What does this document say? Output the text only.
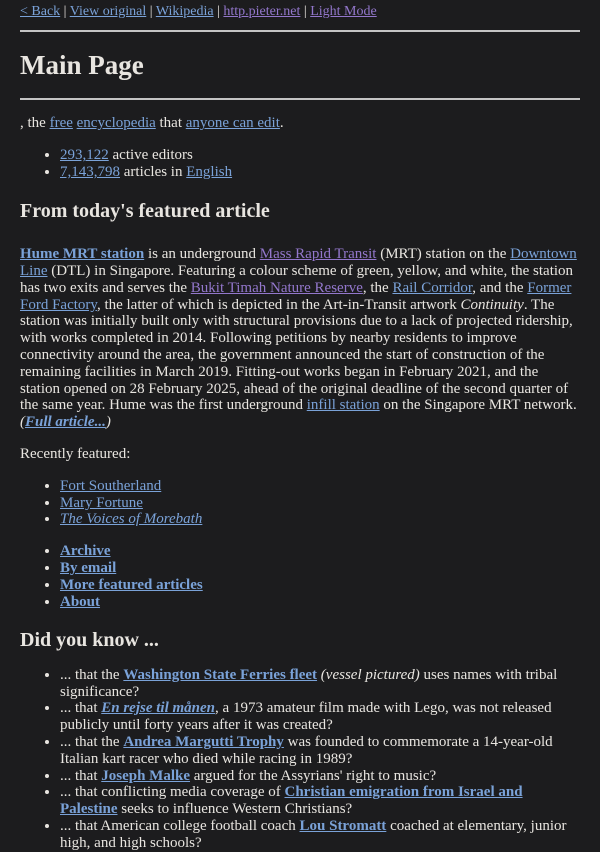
< Back | View original | Wikipedia | http.pieter.net | Light Mode
Main Page

, the free encyclopedia that anyone can edit.

• 293,122 active editors
• 7,143,798 articles in English
From today's featured article

Hume MRT station is an underground Mass Rapid Transit (MRT) station on the Downtown Line (DTL) in Singapore. Featuring a colour scheme of green, yellow, and white, the station has two exits and serves the Bukit Timah Nature Reserve, the Rail Corridor, and the Former Ford Factory, the latter of which is depicted in the Art-in-Transit artwork Continuity. The station was initially built only with structural provisions due to a lack of projected ridership, with works completed in 2014. Following petitions by nearby residents to improve connectivity around the area, the government announced the start of construction of the remaining facilities in March 2019. Fitting-out works began in February 2021, and the station opened on 28 February 2025, ahead of the original deadline of the second quarter of the same year. Hume was the first underground infill station on the Singapore MRT network. (Full article...)

Recently featured:

• Fort Southerland
• Mary Fortune
• The Voices of Morebath
• Archive
• By email
• More featured articles
• About
Did you know ...
• ... that the Washington State Ferries fleet (vessel pictured) uses names with tribal significance?
• ... that En rejse til månen, a 1973 amateur film made with Lego, was not released publicly until forty years after it was created?
• ... that the Andrea Margutti Trophy was founded to commemorate a 14-year-old Italian kart racer who died while racing in 1989?
• ... that Joseph Malke argued for the Assyrians' right to music?
• ... that conflicting media coverage of Christian emigration from Israel and Palestine seeks to influence Western Christians?
• ... that American college football coach Lou Stromatt coached at elementary, junior high, and high schools?
